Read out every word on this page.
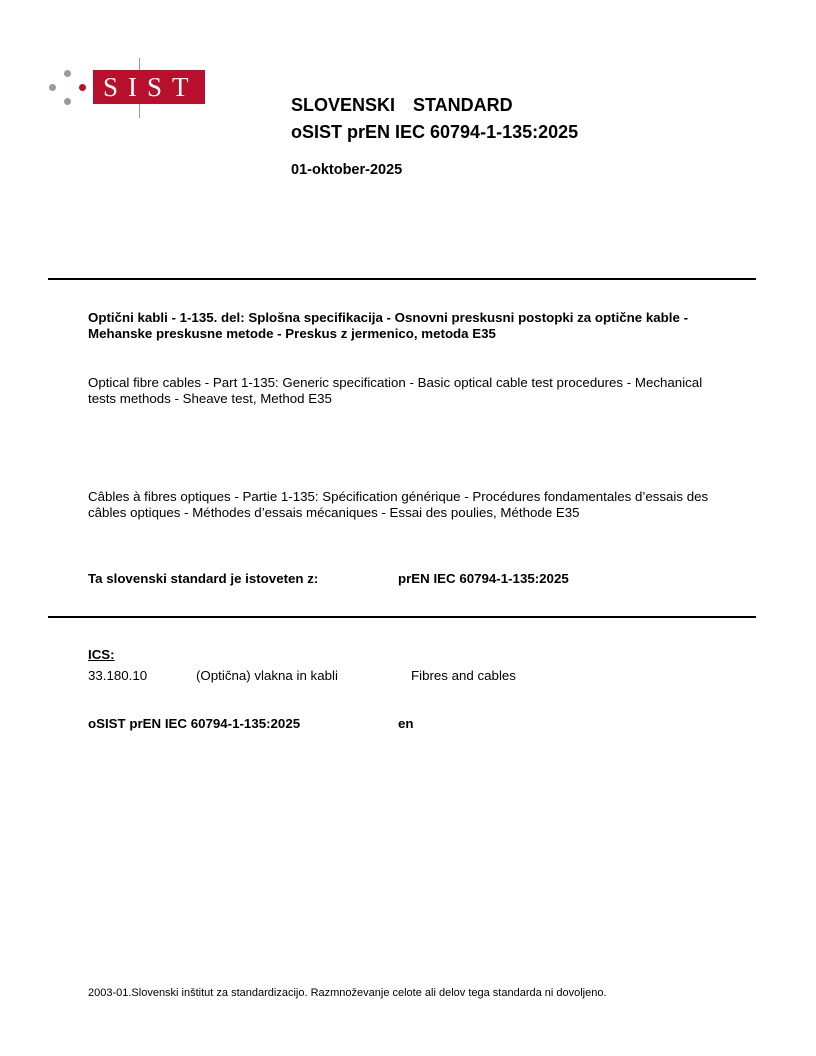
SIST
SLOVENSKI  STANDARD
oSIST prEN IEC 60794-1-135:2025
01-oktober-2025
Optični kabli - 1-135. del: Splošna specifikacija - Osnovni preskusni postopki za optične kable - Mehanske preskusne metode - Preskus z jermenico, metoda E35
Optical fibre cables - Part 1-135: Generic specification - Basic optical cable test procedures - Mechanical tests methods - Sheave test, Method E35
Câbles à fibres optiques - Partie 1-135: Spécification générique - Procédures fondamentales d’essais des câbles optiques - Méthodes d’essais mécaniques - Essai des poulies, Méthode E35
Ta slovenski standard je istoveten z:	prEN IEC 60794-1-135:2025
ICS:
33.180.10	(Optična) vlakna in kabli	Fibres and cables
oSIST prEN IEC 60794-1-135:2025	en
2003-01.Slovenski inštitut za standardizacijo. Razmnoževanje celote ali delov tega standarda ni dovoljeno.
